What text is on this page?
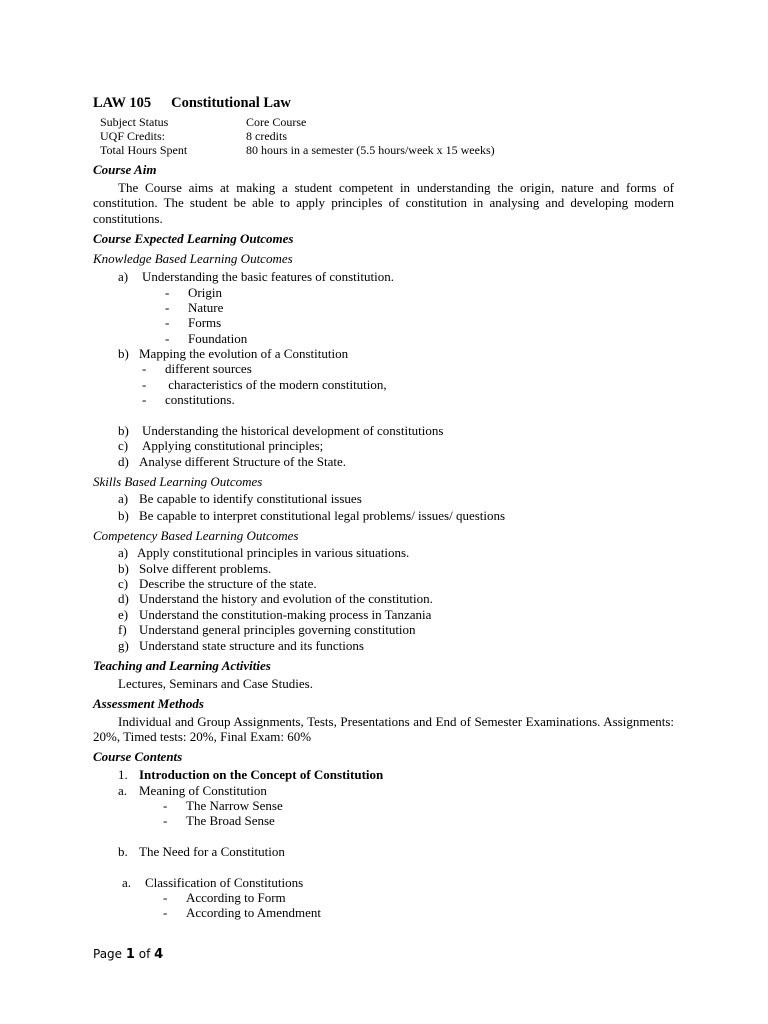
LAW 105 Constitutional Law
Subject Status	Core Course
UQF Credits:	8 credits
Total Hours Spent	80 hours in a semester (5.5 hours/week x 15 weeks)
Course Aim
The Course aims at making a student competent in understanding the origin, nature and forms of constitution. The student be able to apply principles of constitution in analysing and developing modern constitutions.
Course Expected Learning Outcomes
Knowledge Based Learning Outcomes
a) Understanding the basic features of constitution.
- Origin
- Nature
- Forms
- Foundation
b) Mapping the evolution of a Constitution
- different sources
- characteristics of the modern constitution,
- constitutions.
b) Understanding the historical development of constitutions
c) Applying constitutional principles;
d) Analyse different Structure of the State.
Skills Based Learning Outcomes
a) Be capable to identify constitutional issues
b) Be capable to interpret constitutional legal problems/ issues/ questions
Competency Based Learning Outcomes
a) Apply constitutional principles in various situations.
b) Solve different problems.
c) Describe the structure of the state.
d) Understand the history and evolution of the constitution.
e) Understand the constitution-making process in Tanzania
f) Understand general principles governing constitution
g) Understand state structure and its functions
Teaching and Learning Activities
Lectures, Seminars and Case Studies.
Assessment Methods
Individual and Group Assignments, Tests, Presentations and End of Semester Examinations. Assignments: 20%, Timed tests: 20%, Final Exam: 60%
Course Contents
1. Introduction on the Concept of Constitution
a. Meaning of Constitution
- The Narrow Sense
- The Broad Sense
b. The Need for a Constitution
a. Classification of Constitutions
- According to Form
- According to Amendment
Page 1 of 4
